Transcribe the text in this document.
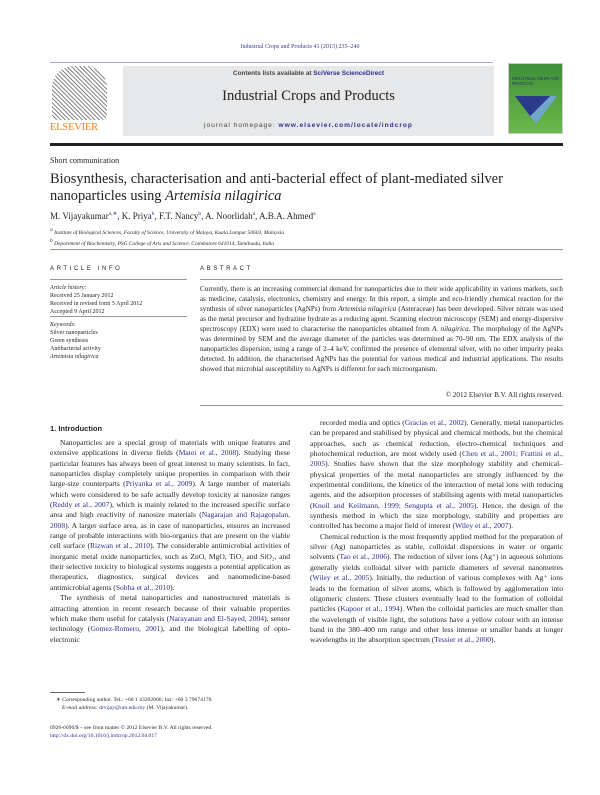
Industrial Crops and Products 41 (2013) 235–240
ELSEVIER
Contents lists available at SciVerse ScienceDirect
Industrial Crops and Products
journal homepage: www.elsevier.com/locate/indcrop
INDUSTRIAL CROPS AND PRODUCTS
Short communication
Biosynthesis, characterisation and anti-bacterial effect of plant-mediated silver nanoparticles using Artemisia nilagirica
M. Vijayakumar$^{a,∗}$, K. Priya$^b$, F.T. Nancy$^b$, A. Noorlidah$^a$, A.B.A. Ahmed$^a$
$^a$ Institute of Biological Sciences, Faculty of Science, University of Malaya, Kuala Lumpur 50603, Malaysia
$^b$ Department of Biochemistry, PSG College of Arts and Science, Coimbatore 641014, Tamilnadu, India
ARTICLE INFO	ABSTRACT
Article history:
Received 25 January 2012
Received in revised form 5 April 2012
Accepted 9 April 2012
Keywords:
Silver nanoparticles
Green synthesis
Antibacterial activity
Artemisia nilagirica
Currently, there is an increasing commercial demand for nanoparticles due to their wide applicability in various markets, such as medicine, catalysis, electronics, chemistry and energy. In this report, a simple and eco-friendly chemical reaction for the synthesis of silver nanoparticles (AgNPs) from Artemisia nilagirica (Asteraceae) has been developed. Silver nitrate was used as the metal precursor and hydrazine hydrate as a reducing agent. Scanning electron microscopy (SEM) and energy-dispersive spectroscopy (EDX) were used to characterise the nanoparticles obtained from A. nilagirica. The morphology of the AgNPs was determined by SEM and the average diameter of the particles was determined as 70–90 nm. The EDX analysis of the nanoparticles dispersion, using a range of 2–4 keV, confirmed the presence of elemental silver, with no other impurity peaks detected. In addition, the characterised AgNPs has the potential for various medical and industrial applications. The results showed that microbial susceptibility to AgNPs is different for each microorganism.
© 2012 Elsevier B.V. All rights reserved.
1. Introduction

Nanoparticles are a special group of materials with unique features and extensive applications in diverse fields (Matei et al., 2008). Studying these particular features has always been of great interest to many scientists. In fact, nanoparticles display completely unique properties in comparison with their large-size counterparts (Priyanka et al., 2009). A large number of materials which were considered to be safe actually develop toxicity at nanosize ranges (Reddy et al., 2007), which is mainly related to the increased specific surface area and high reactivity of nanosize materials (Nagarajan and Rajagopalan, 2008). A larger surface area, as in case of nanoparticles, ensures an increased range of probable interactions with bio-organics that are present on the viable cell surface (Rizwan et al., 2010). The considerable antimicrobial activities of inorganic metal oxide nanoparticles, such as ZnO, MgO, TiO₂ and SiO₂, and their selective toxicity to biological systems suggests a potential application as therapeutics, diagnostics, surgical devices and nanomedicine-based antimicrobial agents (Sobha et al., 2010).

The synthesis of metal nanoparticles and nanostructured materials is attracting attention in recent research because of their valuable properties which make them useful for catalysis (Narayanan and El-Sayed, 2004), sensor technology (Gomez-Romero, 2001), and the biological labelling of opto-electronic

recorded media and optics (Gracias et al., 2002). Generally, metal nanoparticles can be prepared and stabilised by physical and chemical methods, but the chemical approaches, such as chemical reduction, electro-chemical techniques and photochemical reduction, are most widely used (Chen et al., 2001; Frattini et al., 2005). Studies have shown that the size morphology stability and chemical–physical properties of the metal nanoparticles are strongly influenced by the experimental conditions, the kinetics of the interaction of metal ions with reducing agents, and the adsorption processes of stabilising agents with metal nanoparticles (Knoll and Keilmann, 1999; Sengupta et al., 2005). Hence, the design of the synthesis method in which the size morphology, stability and properties are controlled has become a major field of interest (Wiley et al., 2007).

Chemical reduction is the most frequently applied method for the preparation of silver (Ag) nanoparticles as stable, colloidal dispersions in water or organic solvents (Tao et al., 2006). The reduction of silver ions (Ag⁺) in aqueous solutions generally yields colloidal silver with particle diameters of several nanometres (Wiley et al., 2005). Initially, the reduction of various complexes with Ag⁺ ions leads to the formation of silver atoms, which is followed by agglomeration into oligomeric clusters. These clusters eventually lead to the formation of colloidal particles (Kapoor et al., 1994). When the colloidal particles are much smaller than the wavelength of visible light, the solutions have a yellow colour with an intense band in the 380–400 nm range and other less intense or smaller bands at longer wavelengths in the absorption spectrum (Tessier et al., 2000).

∗ Corresponding author. Tel.: +60 1 43202066; fax: +60 3 79674178.
E-mail address: drvijay@um.edu.my (M. Vijayakumar).
0926-6690/$ – see front matter © 2012 Elsevier B.V. All rights reserved.
http://dx.doi.org/10.1016/j.indcrop.2012.04.017
